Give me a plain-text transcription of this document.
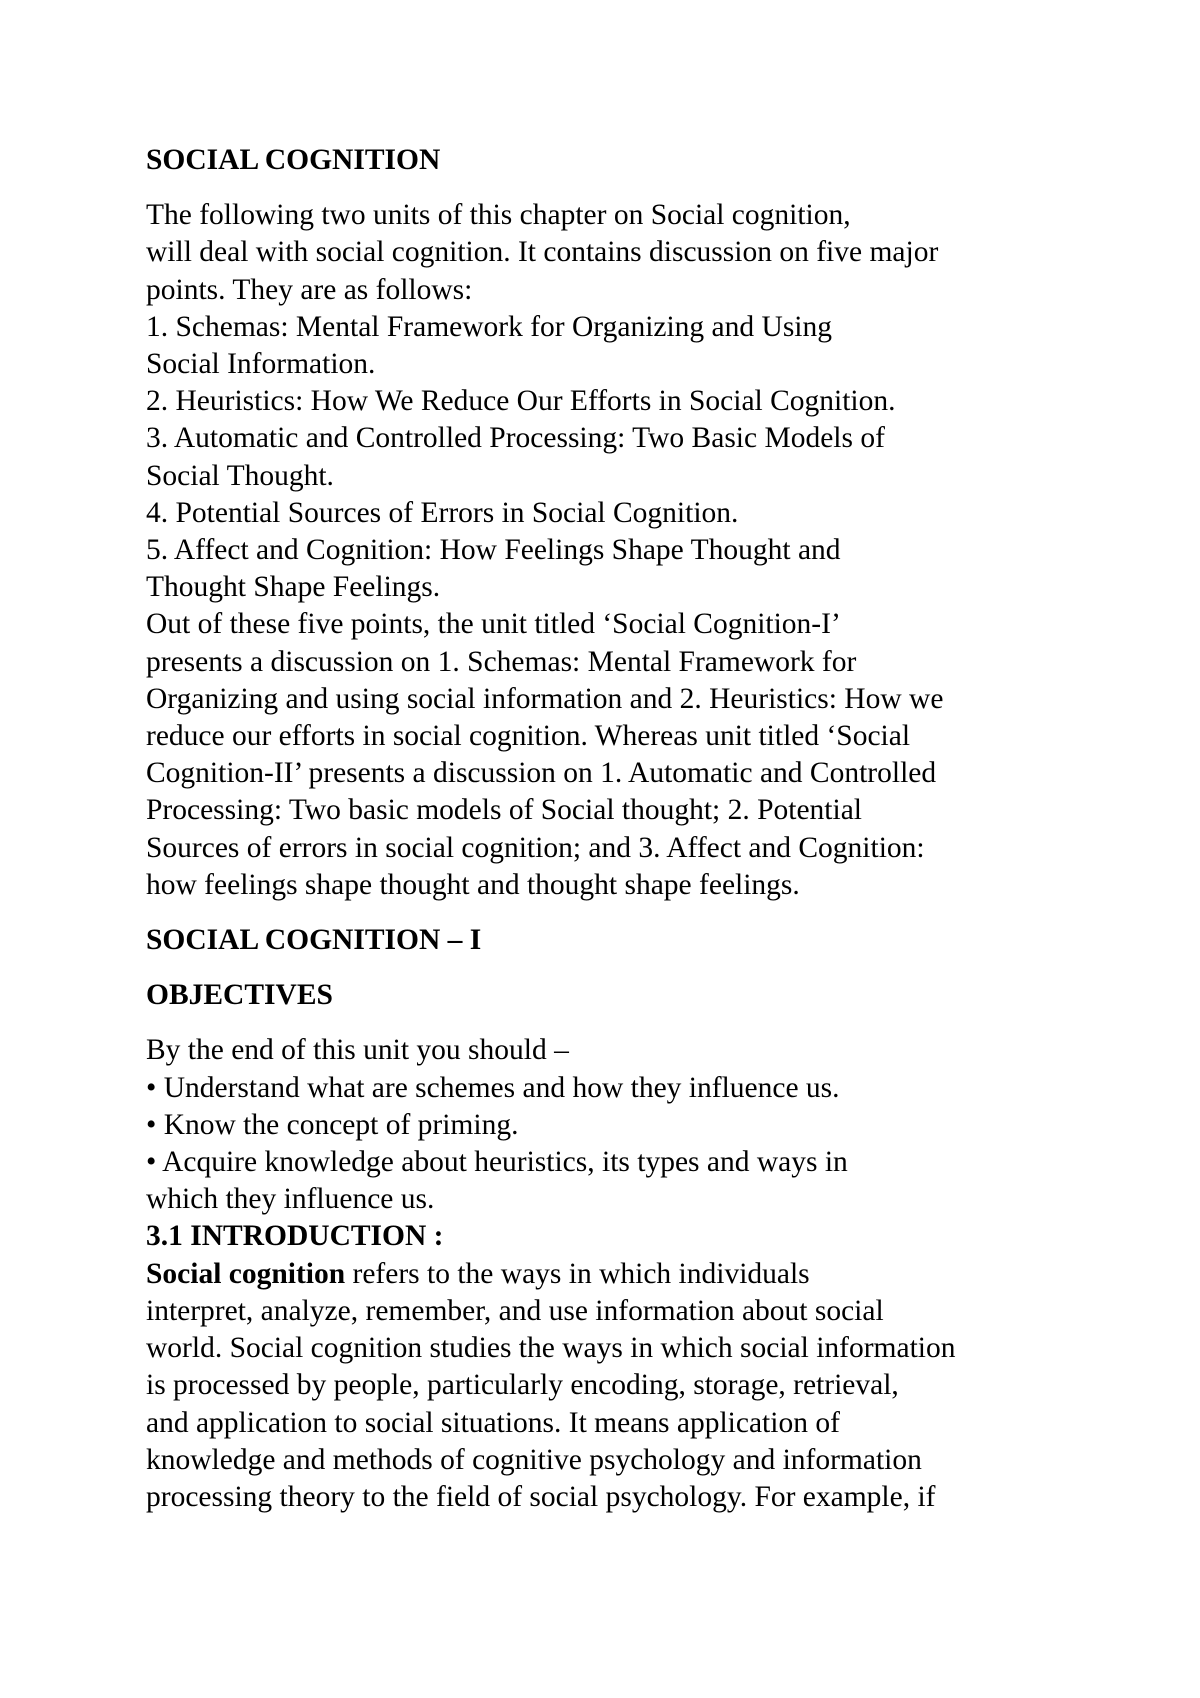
SOCIAL COGNITION
The following two units of this chapter on Social cognition,
will deal with social cognition. It contains discussion on five major
points. They are as follows:
1. Schemas: Mental Framework for Organizing and Using
Social Information.
2. Heuristics: How We Reduce Our Efforts in Social Cognition.
3. Automatic and Controlled Processing: Two Basic Models of
Social Thought.
4. Potential Sources of Errors in Social Cognition.
5. Affect and Cognition: How Feelings Shape Thought and
Thought Shape Feelings.
Out of these five points, the unit titled ‘Social Cognition-I’
presents a discussion on 1. Schemas: Mental Framework for
Organizing and using social information and 2. Heuristics: How we
reduce our efforts in social cognition. Whereas unit titled ‘Social
Cognition-II’ presents a discussion on 1. Automatic and Controlled
Processing: Two basic models of Social thought; 2. Potential
Sources of errors in social cognition; and 3. Affect and Cognition:
how feelings shape thought and thought shape feelings.
SOCIAL COGNITION – I
OBJECTIVES
By the end of this unit you should –
• Understand what are schemes and how they influence us.
• Know the concept of priming.
• Acquire knowledge about heuristics, its types and ways in
which they influence us.
3.1 INTRODUCTION :
Social cognition refers to the ways in which individuals
interpret, analyze, remember, and use information about social
world. Social cognition studies the ways in which social information
is processed by people, particularly encoding, storage, retrieval,
and application to social situations. It means application of
knowledge and methods of cognitive psychology and information
processing theory to the field of social psychology. For example, if
